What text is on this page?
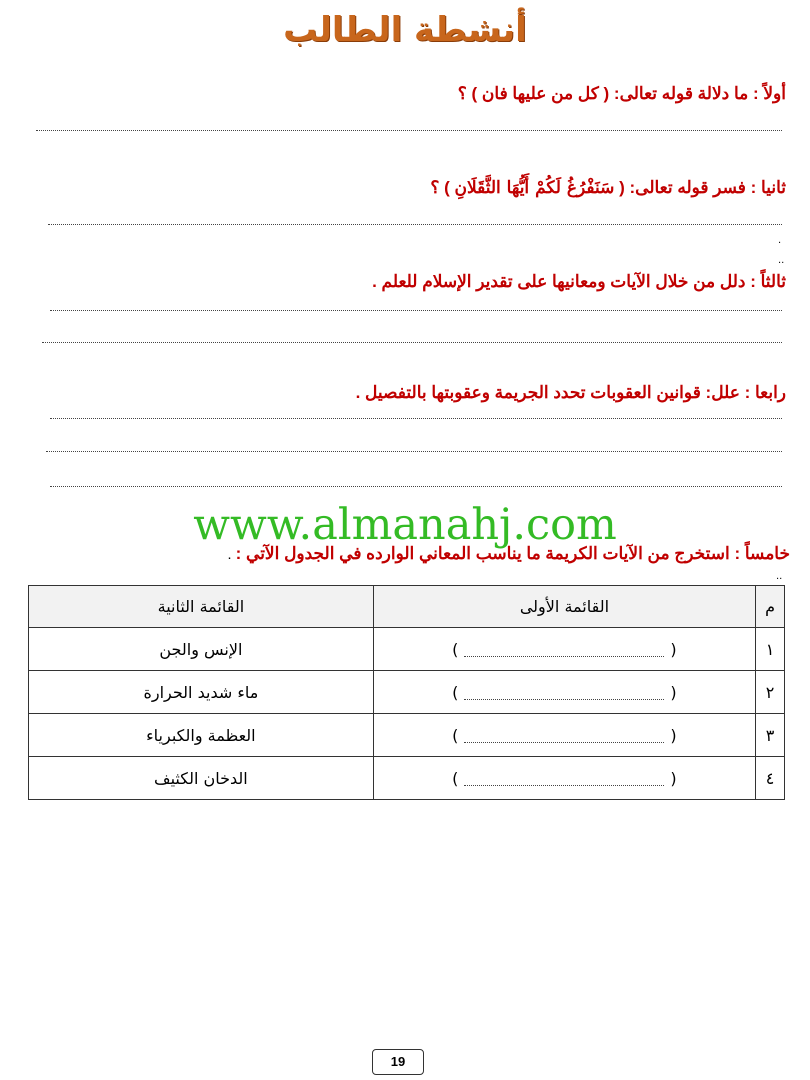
أنشطة الطالب
أولاً : ما دلالة قوله تعالى: ( كل من عليها فان ) ؟
ثانيا : فسر قوله تعالى: ( سَنَفْرُغُ لَكُمْ أَيُّهَا الثَّقَلَانِ ) ؟
.
..
ثالثاً : دلل من خلال الآيات ومعانيها على تقدير الإسلام للعلم .
رابعا : علل: قوانين العقوبات تحدد الجريمة وعقوبتها بالتفصيل .
www.almanahj.com
خامساً : استخرج من الآيات الكريمة ما يناسب المعاني الوارده في الجدول الآتي : .
..
م	القائمة الأولى	القائمة الثانية
١	()	الإنس والجن
٢	()	ماء شديد الحرارة
٣	()	العظمة والكبرياء
٤	()	الدخان الكثيف
19
